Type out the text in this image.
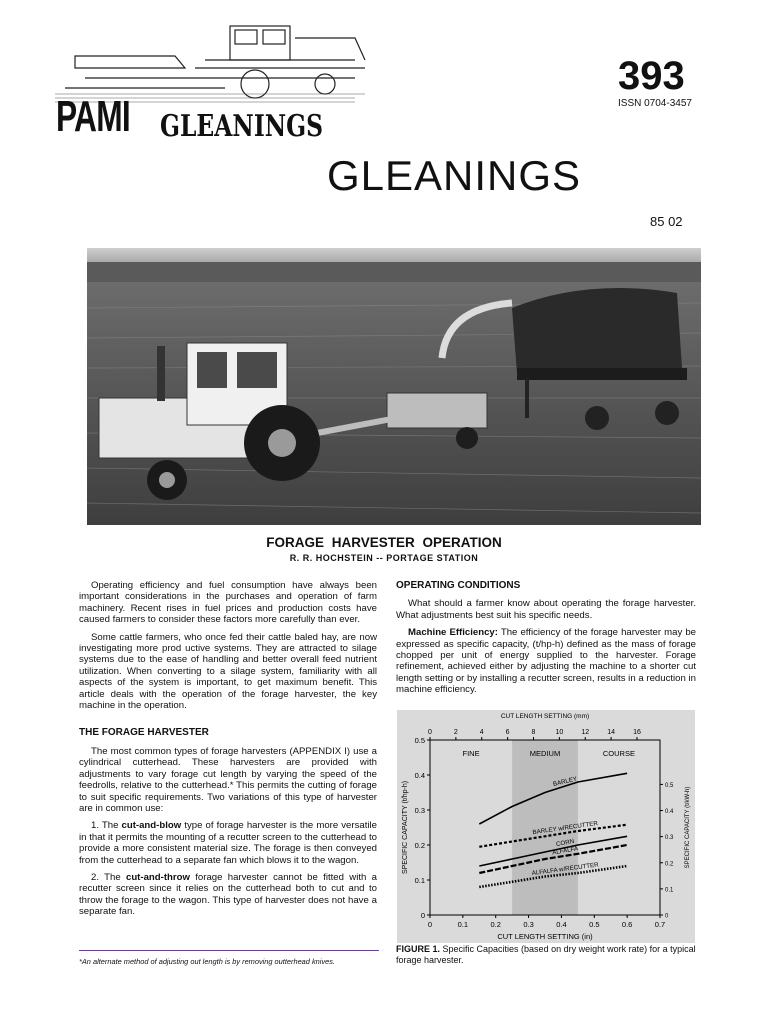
PAMI GLEANINGS
393
ISSN 0704-3457
GLEANINGS
85 02
FORAGE HARVESTER OPERATION
R. R. HOCHSTEIN -- PORTAGE STATION

Operating efficiency and fuel consumption have always been important considerations in the purchases and operation of farm machinery. Recent rises in fuel prices and production costs have caused farmers to consider these factors more carefully than ever.

Some cattle farmers, who once fed their cattle baled hay, are now investigating more prod uctive systems. They are attracted to silage systems due to the ease of handling and better overall feed nutrient utilization. When converting to a silage system, familiarity with all aspects of the system is important, to get maximum benefit. This article deals with the operation of the forage harvester, the key machine in the operation.

THE FORAGE HARVESTER

The most common types of forage harvesters (APPENDIX I) use a cylindrical cutterhead. These harvesters are provided with adjustments to vary forage cut length by varying the speed of the feedrolls, relative to the cutterhead.* This permits the cutting of forage to suit specific requirements. Two variations of this type of harvester are in common use:

1. The cut-and-blow type of forage harvester is the more versatile in that it permits the mounting of a recutter screen to the cutterhead to provide a more consistent material size. The forage is then conveyed from the cutterhead to a separate fan which blows it to the wagon.

2. The cut-and-throw forage harvester cannot be fitted with a recutter screen since it relies on the cutterhead both to cut and to throw the forage to the wagon. This type of harvester does not have a separate fan.

OPERATING CONDITIONS

What should a farmer know about operating the forage harvester. What adjustments best suit his specific needs.

Machine Efficiency: The efficiency of the forage harvester may be expressed as specific capacity, (t/hp-h) defined as the mass of forage chopped per unit of energy supplied to the harvester. Forage refinement, achieved either by adjusting the machine to a shorter cut length setting or by installing a recutter screen, results in a reduction in machine efficiency.

*An alternate method of adjusting out length is by removing outterhead knives.
0	0.1	0.2	0.3	0.4	0.5	0.6	0.7
0
0.1
0.2
0.3
0.4
0.5
0	2	4	6	8	10	12	14	16
0
0.1
0.2
0.3
0.4
0.5
CUT LENGTH SETTING (in)
CUT LENGTH SETTING (mm)
SPECIFIC CAPACITY (t/hp-h)	SPECIFIC CAPACITY (t/kW-h)
FINE	MEDIUM	COURSE
BARLEY
BARLEY w/RECUTTER
CORN
ALFALFA
ALFALFA w/RECUTTER
FIGURE 1. Specific Capacities (based on dry weight work rate) for a typical forage harvester.
